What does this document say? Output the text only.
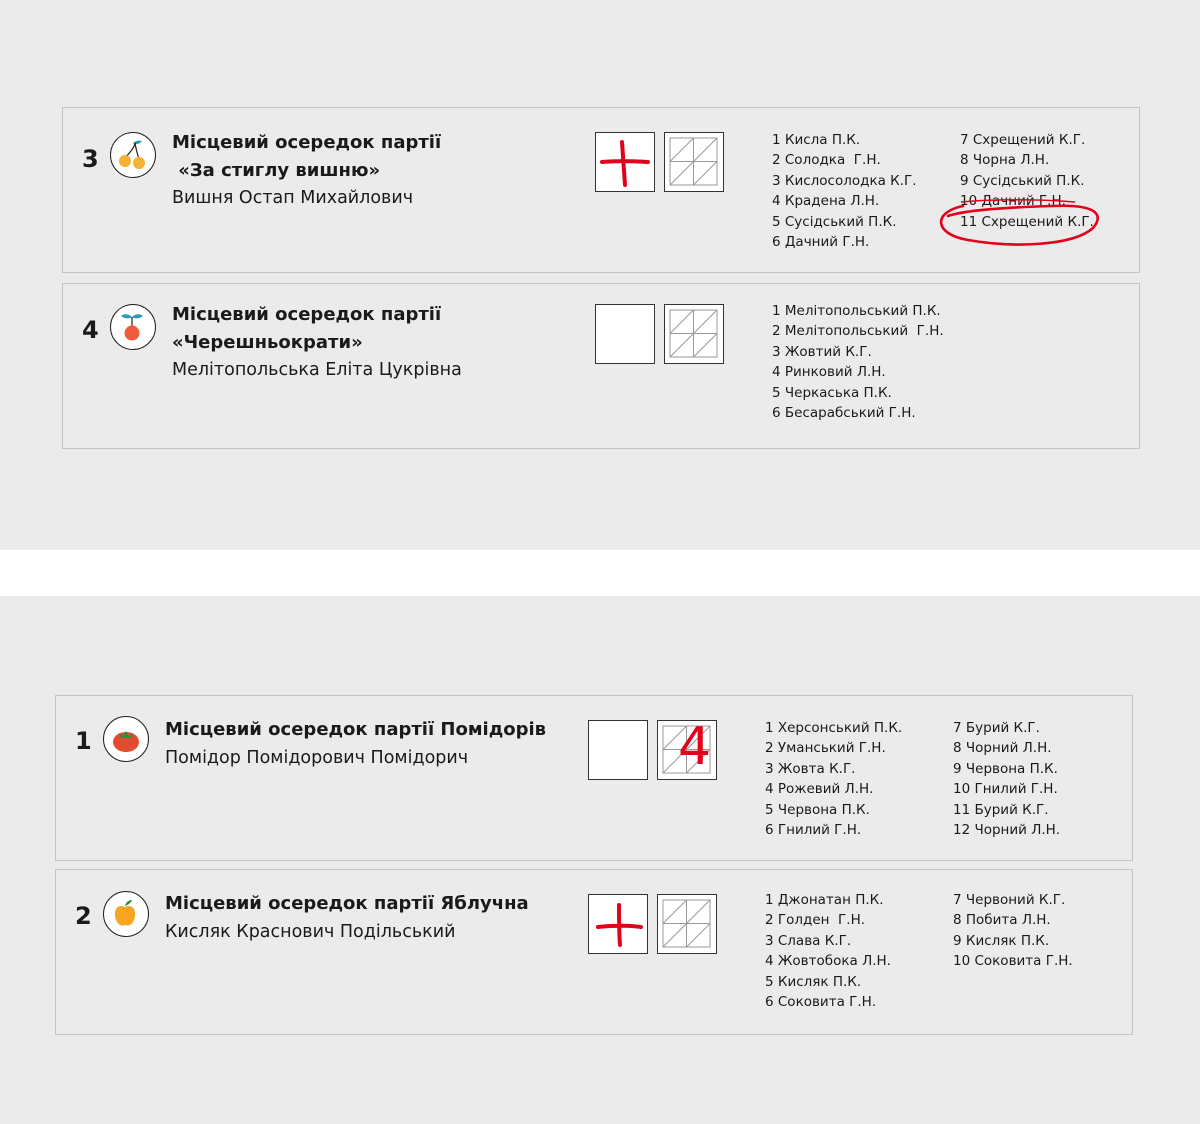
3
Місцевий осередок партії
«За стиглу вишню»
Вишня Остап Михайлович
1 Кисла П.К.
2 Солодка  Г.Н.
3 Кислосолодка К.Г.
4 Крадена Л.Н.
5 Сусідський П.К.
6 Дачний Г.Н.
7 Схрещений К.Г.
8 Чорна Л.Н.
9 Сусідський П.К.
10 Дачний Г.Н.
11 Схрещений К.Г.
4
Місцевий осередок партії
«Черешньократи»
Мелітопольська Еліта Цукрівна
1 Мелітопольський П.К.
2 Мелітопольський  Г.Н.
3 Жовтий К.Г.
4 Ринковий Л.Н.
5 Черкаська П.К.
6 Бесарабський Г.Н.
1	Місцевий осередок партії Помідорів
Помідор Помідорович Помідорич	4	1 Херсонський П.К.
2 Уманський Г.Н.
3 Жовта К.Г.
4 Рожевий Л.Н.
5 Червона П.К.
6 Гнилий Г.Н.
7 Бурий К.Г.
8 Чорний Л.Н.
9 Червона П.К.
10 Гнилий Г.Н.
11 Бурий К.Г.
12 Чорний Л.Н.
2	Місцевий осередок партії Яблучна
Кисляк Краснович Подільський
1 Джонатан П.К.
2 Голден  Г.Н.
3 Слава К.Г.
4 Жовтобока Л.Н.
5 Кисляк П.К.
6 Соковита Г.Н.
7 Червоний К.Г.
8 Побита Л.Н.
9 Кисляк П.К.
10 Соковита Г.Н.
